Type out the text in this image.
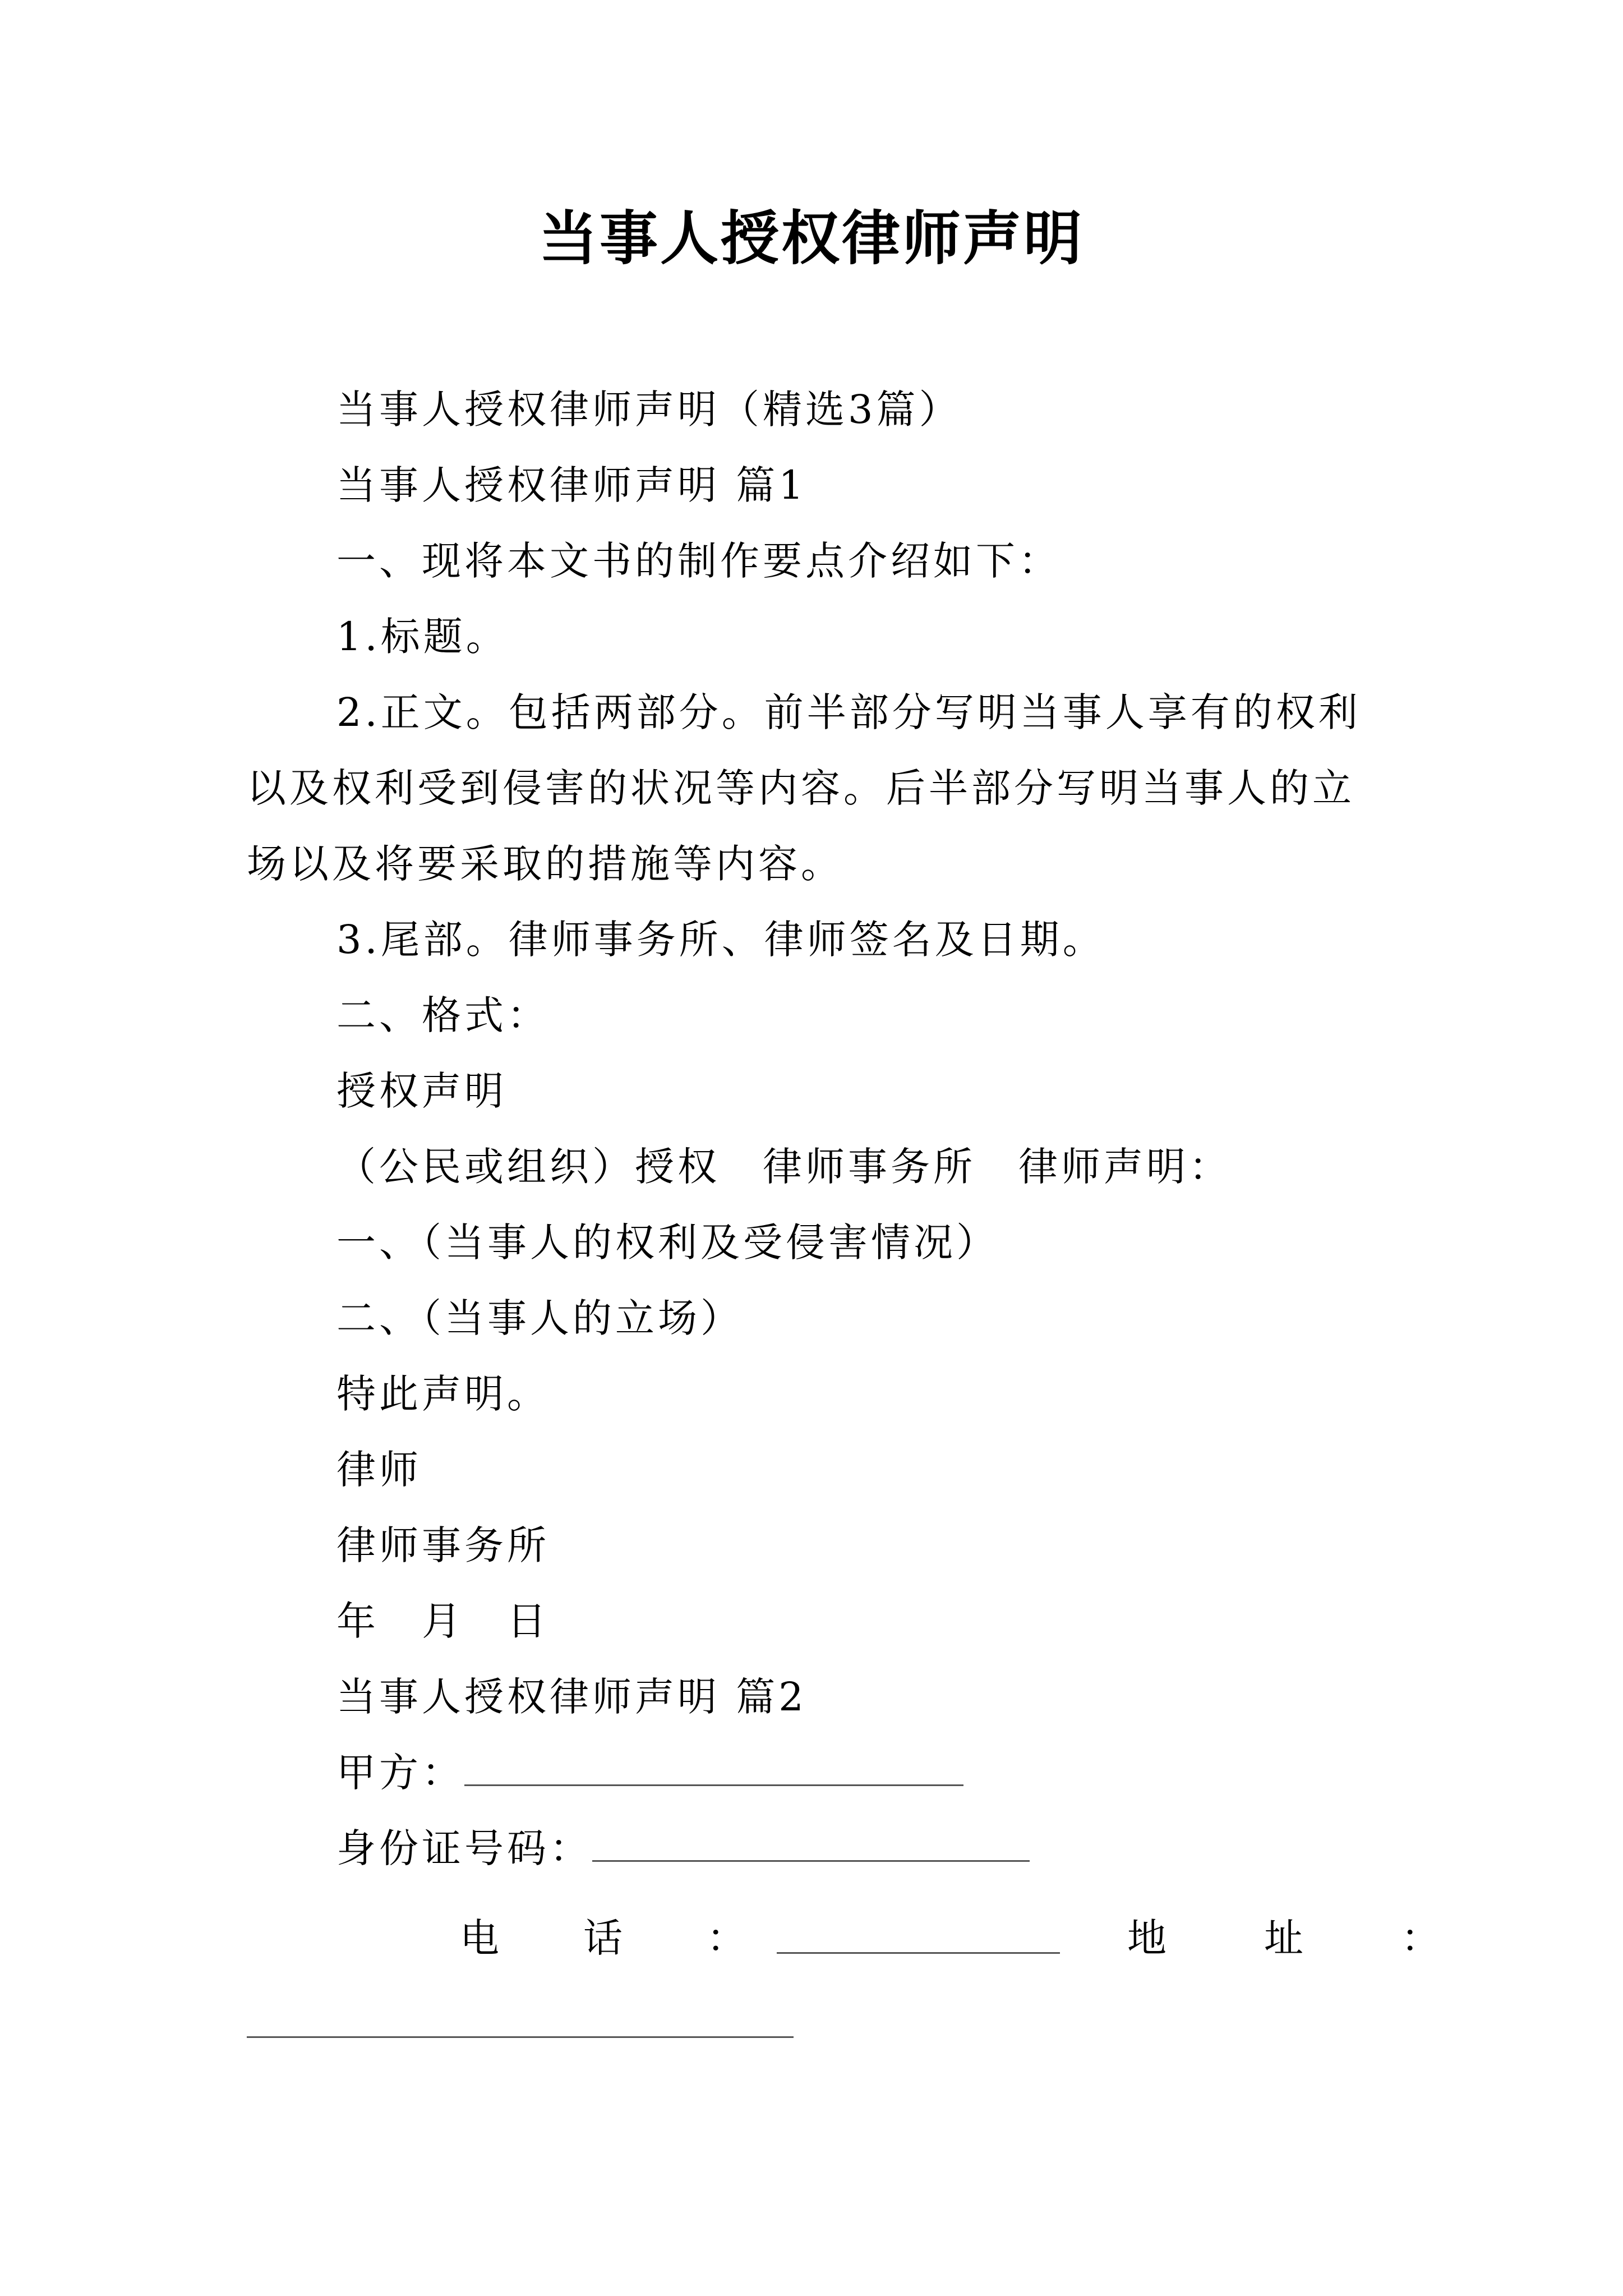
当事人授权律师声明
当事人授权律师声明（精选3篇）
当事人授权律师声明 篇1
一、现将本文书的制作要点介绍如下：
1.标题。
2.正文。包括两部分。前半部分写明当事人享有的权利
以及权利受到侵害的状况等内容。后半部分写明当事人的立
场以及将要采取的措施等内容。
3.尾部。律师事务所、律师签名及日期。
二、格式：
授权声明
（公民或组织）授权　律师事务所　律师声明：
一、（当事人的权利及受侵害情况）
二、（当事人的立场）
特此声明。
律师
律师事务所
年　月　日
当事人授权律师声明 篇2
甲方：
身份证号码：
电　话　：	地　址　：
